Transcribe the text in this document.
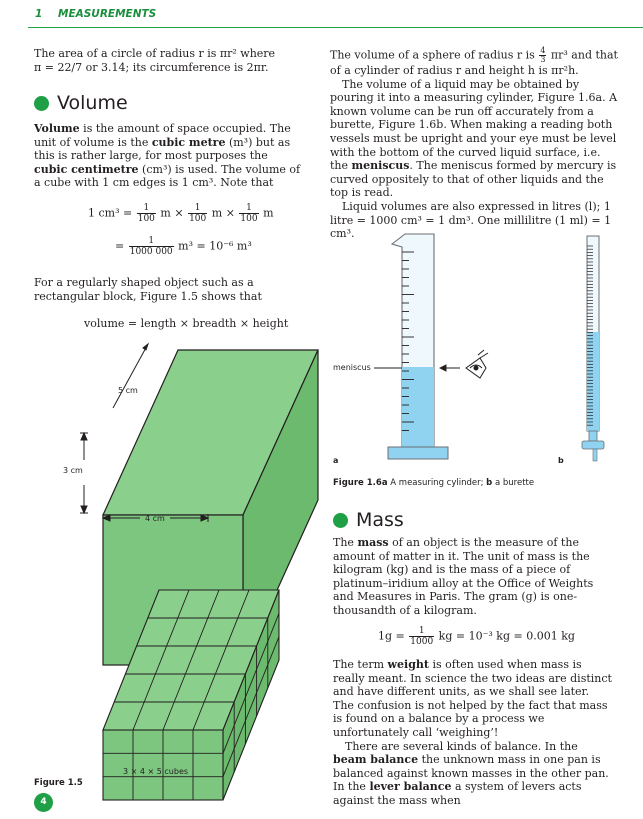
1 MEASUREMENTS

The area of a circle of radius r is πr² where

π = 22/7 or 3.14; its circumference is 2πr.

Volume

Volume is the amount of space occupied. The unit of volume is the cubic metre (m³) but as this is rather large, for most purposes the cubic centimetre (cm³) is used. The volume of a cube with 1 cm edges is 1 cm³. Note that

1 $cm^3 = \frac{1}{100}$ $m \times \frac{1}{100}$ $m \times \frac{1}{100}$ m
= $\frac{1}{1000 000} m^3 = 10^{-6}$ m³

For a regularly shaped object such as a rectangular block, Figure 1.5 shows that

volume = length × breadth × height
5 cm
3 cm
4 cm
3 × 4 × 5 cubes
Figure 1.5
4

The volume of a sphere of radius r is $\frac{4}{3} \pi r^3$ and that

of a cylinder of radius r and height h is πr²h.

The volume of a liquid may be obtained by pouring it into a measuring cylinder, Figure 1.6a. A known volume can be run off accurately from a burette, Figure 1.6b. When making a reading both vessels must be upright and your eye must be level with the bottom of the curved liquid surface, i.e. the meniscus. The meniscus formed by mercury is curved oppositely to that of other liquids and the top is read.

Liquid volumes are also expressed in litres (l); 1 litre = 1000 cm³ = 1 dm³. One millilitre (1 ml) = 1 cm³.

meniscus
a	b
Figure 1.6a A measuring cylinder; b a burette
Mass

The mass of an object is the measure of the amount of matter in it. The unit of mass is the kilogram (kg) and is the mass of a piece of platinum–iridium alloy at the Office of Weights and Measures in Paris. The gram (g) is one-thousandth of a kilogram.

$1g = \frac{1}{1000}$ kg = 10⁻³ kg = 0.001 kg

The term weight is often used when mass is really meant. In science the two ideas are distinct and have different units, as we shall see later. The confusion is not helped by the fact that mass is found on a balance by a process we unfortunately call ‘weighing’!

There are several kinds of balance. In the beam balance the unknown mass in one pan is balanced against known masses in the other pan. In the lever balance a system of levers acts against the mass when
